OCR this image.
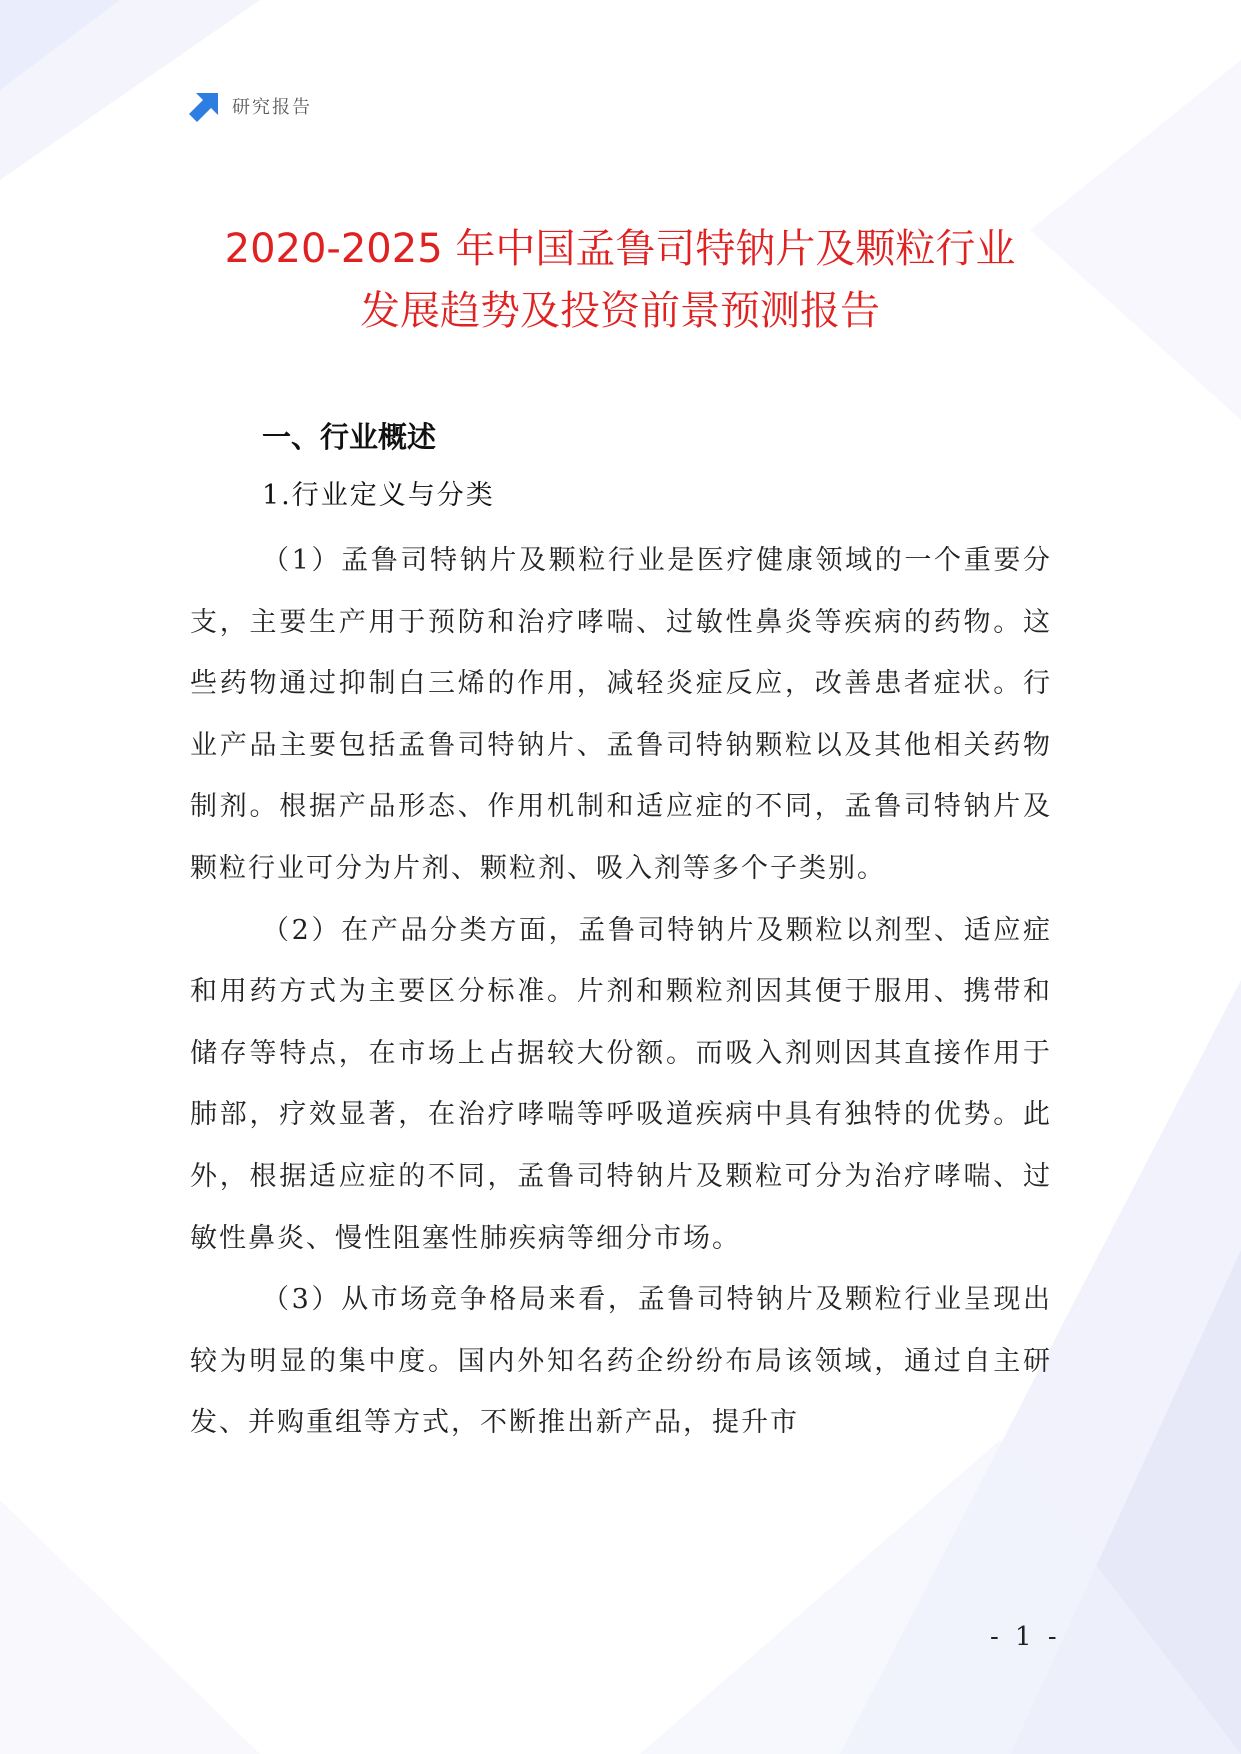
研究报告
2020-2025 年中国孟鲁司特钠片及颗粒行业
发展趋势及投资前景预测报告
一、行业概述
1.行业定义与分类

（1）孟鲁司特钠片及颗粒行业是医疗健康领域的一个重要分支，主要生产用于预防和治疗哮喘、过敏性鼻炎等疾病的药物。这些药物通过抑制白三烯的作用，减轻炎症反应，改善患者症状。行业产品主要包括孟鲁司特钠片、孟鲁司特钠颗粒以及其他相关药物制剂。根据产品形态、作用机制和适应症的不同，孟鲁司特钠片及颗粒行业可分为片剂、颗粒剂、吸入剂等多个子类别。

（2）在产品分类方面，孟鲁司特钠片及颗粒以剂型、适应症和用药方式为主要区分标准。片剂和颗粒剂因其便于服用、携带和储存等特点，在市场上占据较大份额。而吸入剂则因其直接作用于肺部，疗效显著，在治疗哮喘等呼吸道疾病中具有独特的优势。此外，根据适应症的不同，孟鲁司特钠片及颗粒可分为治疗哮喘、过敏性鼻炎、慢性阻塞性肺疾病等细分市场。

（3）从市场竞争格局来看，孟鲁司特钠片及颗粒行业呈现出较为明显的集中度。国内外知名药企纷纷布局该领域，通过自主研发、并购重组等方式，不断推出新产品，提升市

- 1 -
